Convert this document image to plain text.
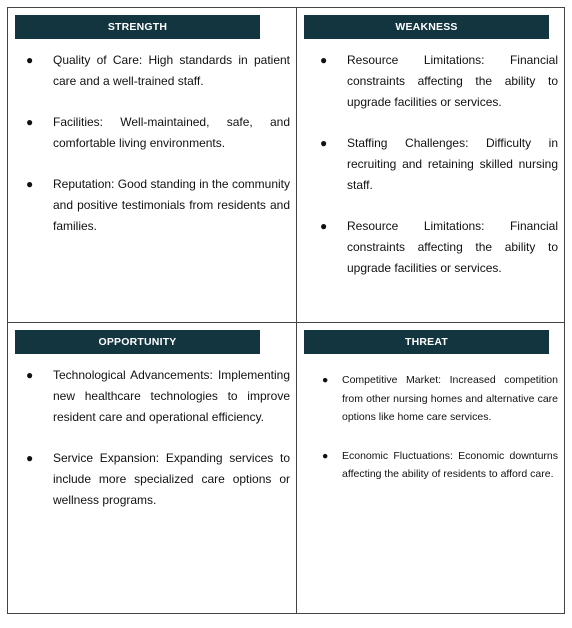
STRENGTH
● Quality of Care: High standards in patient care and a well-trained staff.
● Facilities: Well-maintained, safe, and comfortable living environments.
● Reputation: Good standing in the community and positive testimonials from residents and families.
WEAKNESS
● Resource Limitations: Financial constraints affecting the ability to upgrade facilities or services.
● Staffing Challenges: Difficulty in recruiting and retaining skilled nursing staff.
● Resource Limitations: Financial constraints affecting the ability to upgrade facilities or services.
OPPORTUNITY
● Technological Advancements: Implementing new healthcare technologies to improve resident care and operational efficiency.
● Service Expansion: Expanding services to include more specialized care options or wellness programs.
THREAT
● Competitive Market: Increased competition from other nursing homes and alternative care options like home care services.
● Economic Fluctuations: Economic downturns affecting the ability of residents to afford care.
